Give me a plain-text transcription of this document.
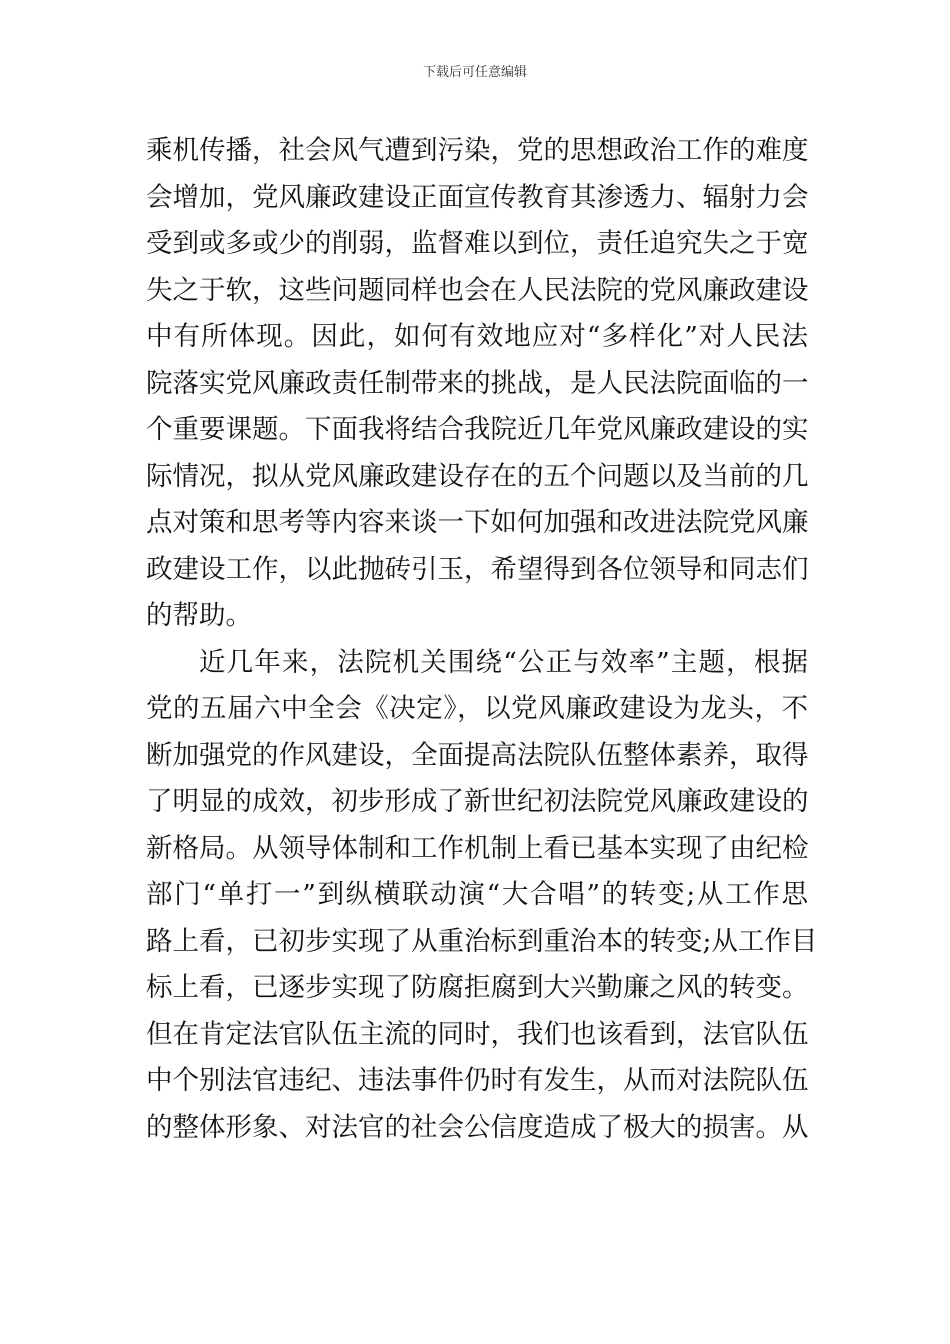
下载后可任意编辑
乘机传播，社会风气遭到污染，党的思想政治工作的难度
会增加，党风廉政建设正面宣传教育其渗透力、辐射力会
受到或多或少的削弱，监督难以到位，责任追究失之于宽
失之于软，这些问题同样也会在人民法院的党风廉政建设
中有所体现。因此，如何有效地应对“多样化”对人民法
院落实党风廉政责任制带来的挑战，是人民法院面临的一
个重要课题。下面我将结合我院近几年党风廉政建设的实
际情况，拟从党风廉政建设存在的五个问题以及当前的几
点对策和思考等内容来谈一下如何加强和改进法院党风廉
政建设工作，以此抛砖引玉，希望得到各位领导和同志们
的帮助。
近几年来，法院机关围绕“公正与效率”主题，根据
党的五届六中全会《决定》，以党风廉政建设为龙头，不
断加强党的作风建设，全面提高法院队伍整体素养，取得
了明显的成效，初步形成了新世纪初法院党风廉政建设的
新格局。从领导体制和工作机制上看已基本实现了由纪检
部门“单打一”到纵横联动演“大合唱”的转变;从工作思
路上看，已初步实现了从重治标到重治本的转变;从工作目
标上看，已逐步实现了防腐拒腐到大兴勤廉之风的转变。
但在肯定法官队伍主流的同时，我们也该看到，法官队伍
中个别法官违纪、违法事件仍时有发生，从而对法院队伍
的整体形象、对法官的社会公信度造成了极大的损害。从
